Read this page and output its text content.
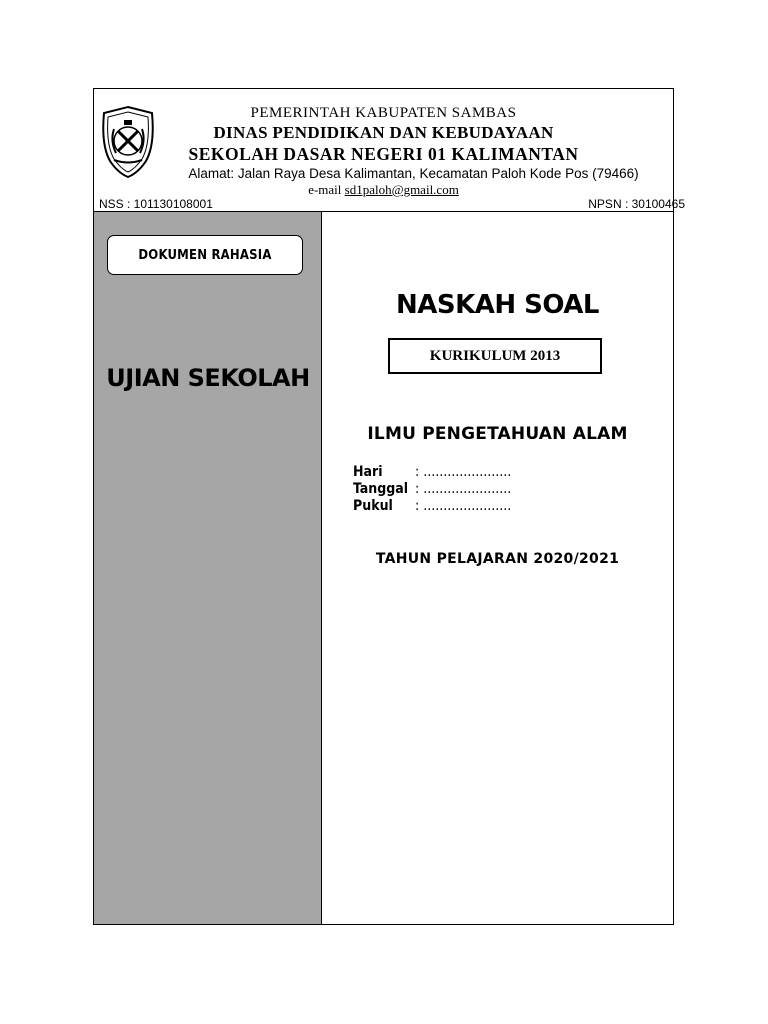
PEMERINTAH KABUPATEN SAMBAS
DINAS PENDIDIKAN DAN KEBUDAYAAN
SEKOLAH DASAR NEGERI 01 KALIMANTAN
Alamat: Jalan Raya Desa Kalimantan, Kecamatan Paloh Kode Pos (79466)
e-mail sd1paloh@gmail.com
NSS : 101130108001	NPSN : 30100465
DOKUMEN RAHASIA
UJIAN SEKOLAH
NASKAH SOAL
KURIKULUM 2013
ILMU PENGETAHUAN ALAM
Hari : ......................
Tanggal : ......................
Pukul : ......................
TAHUN PELAJARAN 2020/2021
